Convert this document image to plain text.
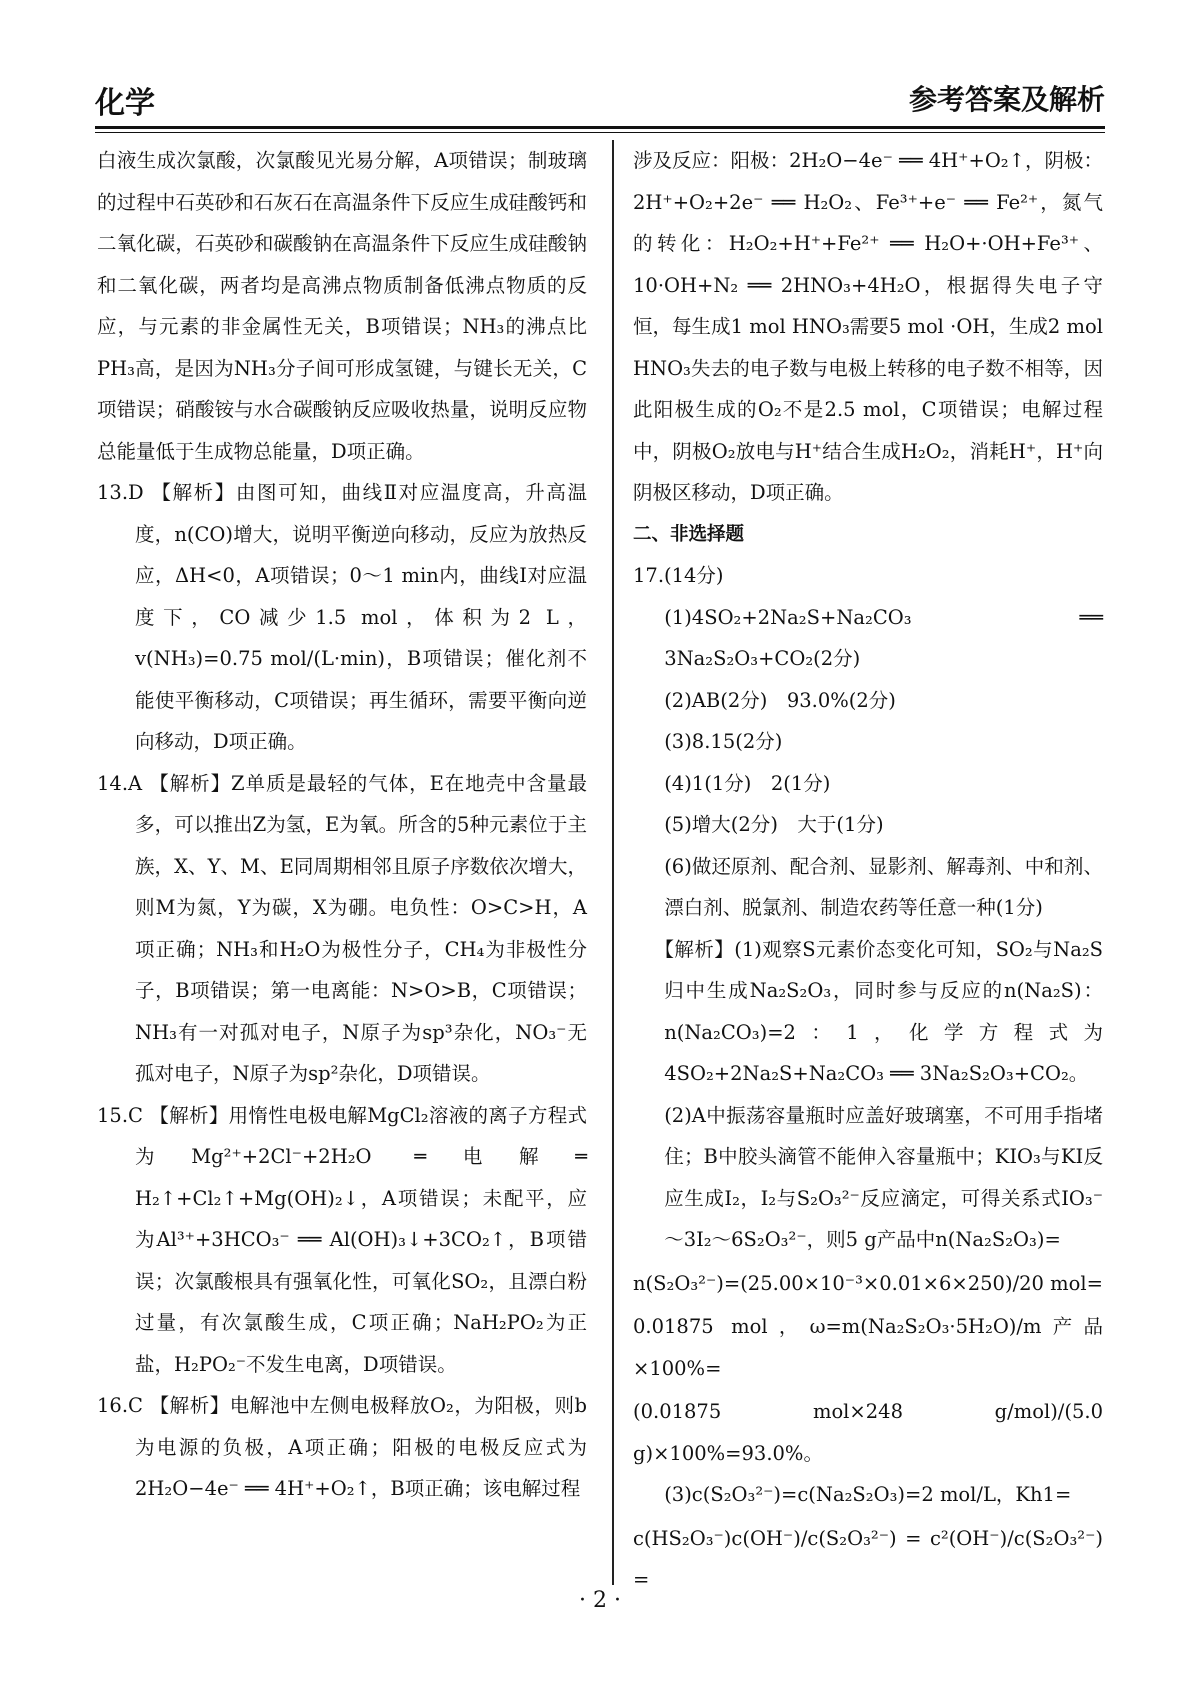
化学	参考答案及解析

白液生成次氯酸，次氯酸见光易分解，A项错误；制玻璃的过程中石英砂和石灰石在高温条件下反应生成硅酸钙和二氧化碳，石英砂和碳酸钠在高温条件下反应生成硅酸钠和二氧化碳，两者均是高沸点物质制备低沸点物质的反应，与元素的非金属性无关，B项错误；NH₃的沸点比PH₃高，是因为NH₃分子间可形成氢键，与键长无关，C项错误；硝酸铵与水合碳酸钠反应吸收热量，说明反应物总能量低于生成物总能量，D项正确。

13.D 【解析】由图可知，曲线Ⅱ对应温度高，升高温度，n(CO)增大，说明平衡逆向移动，反应为放热反应，ΔH<0，A项错误；0～1 min内，曲线Ⅰ对应温度下，CO减少1.5 mol，体积为2 L，v(NH₃)=0.75 mol/(L·min)，B项错误；催化剂不能使平衡移动，C项错误；再生循环，需要平衡向逆向移动，D项正确。

14.A 【解析】Z单质是最轻的气体，E在地壳中含量最多，可以推出Z为氢，E为氧。所含的5种元素位于主族，X、Y、M、E同周期相邻且原子序数依次增大，则M为氮，Y为碳，X为硼。电负性：O>C>H，A项正确；NH₃和H₂O为极性分子，CH₄为非极性分子，B项错误；第一电离能：N>O>B，C项错误；NH₃有一对孤对电子，N原子为sp³杂化，NO₃⁻无孤对电子，N原子为sp²杂化，D项错误。

15.C 【解析】用惰性电极电解MgCl₂溶液的离子方程式为Mg²⁺+2Cl⁻+2H₂O ═电解═ H₂↑+Cl₂↑+Mg(OH)₂↓，A项错误；未配平，应为Al³⁺+3HCO₃⁻ ══ Al(OH)₃↓+3CO₂↑，B项错误；次氯酸根具有强氧化性，可氧化SO₂，且漂白粉过量，有次氯酸生成，C项正确；NaH₂PO₂为正盐，H₂PO₂⁻不发生电离，D项错误。

16.C 【解析】电解池中左侧电极释放O₂，为阳极，则b为电源的负极，A项正确；阳极的电极反应式为2H₂O−4e⁻ ══ 4H⁺+O₂↑，B项正确；该电解过程

涉及反应：阳极：2H₂O−4e⁻ ══ 4H⁺+O₂↑，阴极：2H⁺+O₂+2e⁻ ══ H₂O₂、Fe³⁺+e⁻ ══ Fe²⁺，氮气的转化：H₂O₂+H⁺+Fe²⁺ ══ H₂O+·OH+Fe³⁺、10·OH+N₂ ══ 2HNO₃+4H₂O，根据得失电子守恒，每生成1 mol HNO₃需要5 mol ·OH，生成2 mol HNO₃失去的电子数与电极上转移的电子数不相等，因此阳极生成的O₂不是2.5 mol，C项错误；电解过程中，阴极O₂放电与H⁺结合生成H₂O₂，消耗H⁺，H⁺向阴极区移动，D项正确。

二、非选择题

17.(14分)

(1)4SO₂+2Na₂S+Na₂CO₃ ══ 3Na₂S₂O₃+CO₂(2分)

(2)AB(2分)　93.0%(2分)

(3)8.15(2分)

(4)1(1分)　2(1分)

(5)增大(2分)　大于(1分)

(6)做还原剂、配合剂、显影剂、解毒剂、中和剂、漂白剂、脱氯剂、制造农药等任意一种(1分)

【解析】(1)观察S元素价态变化可知，SO₂与Na₂S归中生成Na₂S₂O₃，同时参与反应的n(Na₂S)：n(Na₂CO₃)=2：1，化学方程式为4SO₂+2Na₂S+Na₂CO₃ ══ 3Na₂S₂O₃+CO₂。

(2)A中振荡容量瓶时应盖好玻璃塞，不可用手指堵住；B中胶头滴管不能伸入容量瓶中；KIO₃与KI反应生成I₂，I₂与S₂O₃²⁻反应滴定，可得关系式IO₃⁻～3I₂～6S₂O₃²⁻，则5 g产品中n(Na₂S₂O₃)=

n(S₂O₃²⁻)=(25.00×10⁻³×0.01×6×250)/20 mol=

0.01875 mol，ω=m(Na₂S₂O₃·5H₂O)/m产品×100%=

(0.01875 mol×248 g/mol)/(5.0 g)×100%=93.0%。

(3)c(S₂O₃²⁻)=c(Na₂S₂O₃)=2 mol/L，Kh1=

c(HS₂O₃⁻)c(OH⁻)/c(S₂O₃²⁻) = c²(OH⁻)/c(S₂O₃²⁻) =

· 2 ·
